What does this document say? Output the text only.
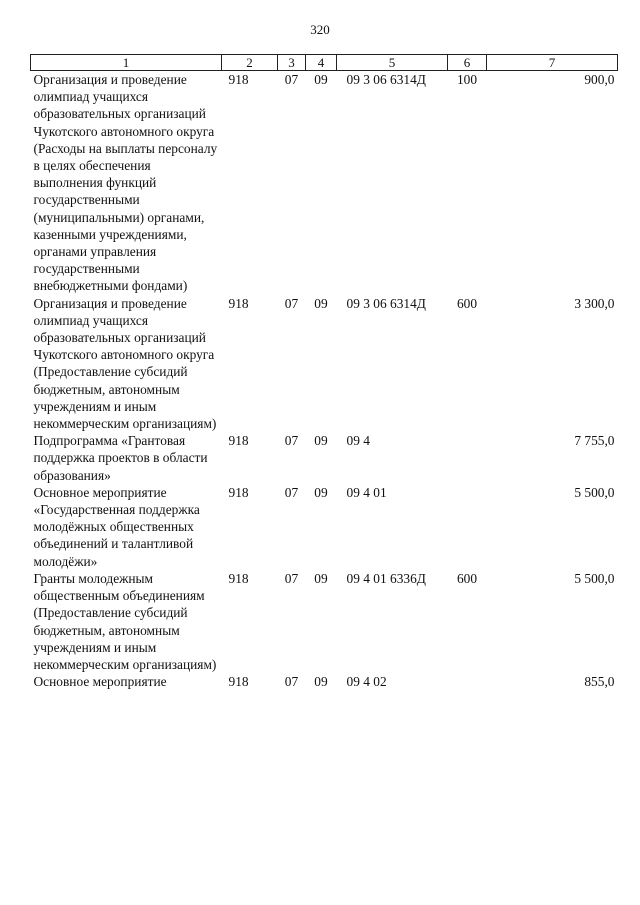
320
1	2	3	4	5	6	7
Организация и проведение олимпиад учащихся образовательных организаций Чукотского автономного округа (Расходы на выплаты персоналу в целях обеспечения выполнения функций государственными (муниципальными) органами, казенными учреждениями, органами управления государственными внебюджетными фондами)	918	07	09	09 3 06 6314Д	100	900,0
Организация и проведение олимпиад учащихся образовательных организаций Чукотского автономного округа (Предоставление субсидий бюджетным, автономным учреждениям и иным некоммерческим организациям)	918	07	09	09 3 06 6314Д	600	3 300,0
Подпрограмма «Грантовая поддержка проектов в области образования»	918	07	09	09 4		7 755,0
Основное мероприятие «Государственная поддержка молодёжных общественных объединений и талантливой молодёжи»	918	07	09	09 4 01		5 500,0
Гранты молодежным общественным объединениям (Предоставление субсидий бюджетным, автономным учреждениям и иным некоммерческим организациям)	918	07	09	09 4 01 6336Д	600	5 500,0
Основное мероприятие	918	07	09	09 4 02		855,0
